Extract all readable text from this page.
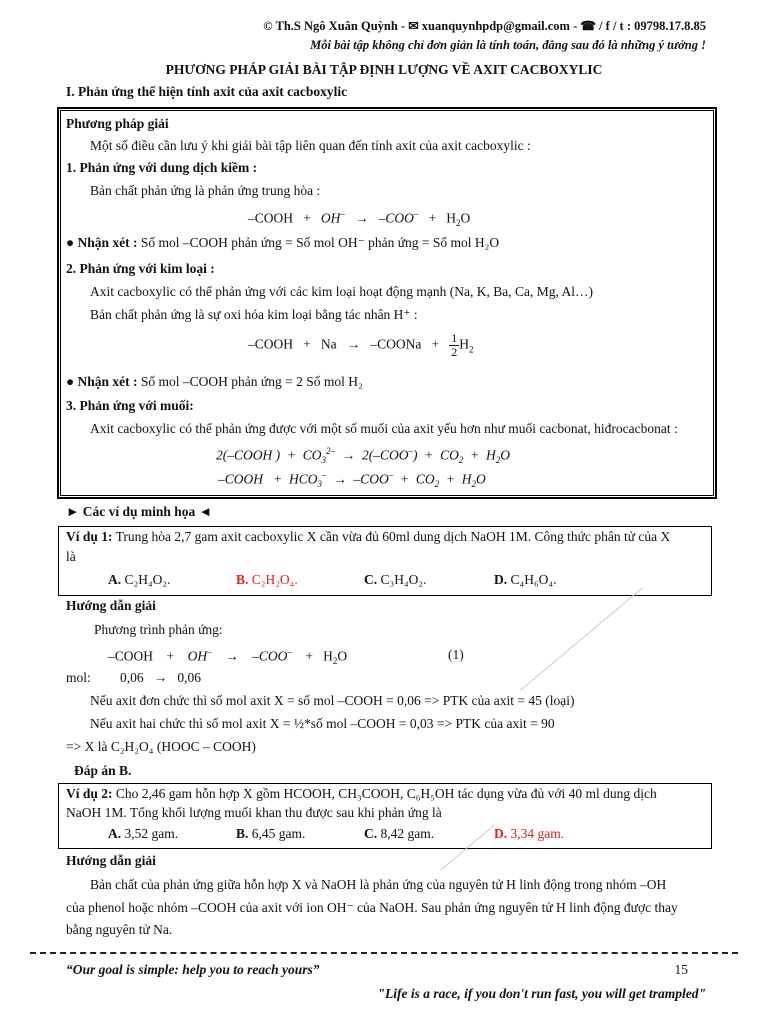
© Th.S Ngô Xuân Quỳnh - ✉ xuanquynhpdp@gmail.com - ☎ / f / t : 09798.17.8.85
Mỗi bài tập không chỉ đơn giản là tính toán, đằng sau đó là những ý tưởng !
PHƯƠNG PHÁP GIẢI BÀI TẬP ĐỊNH LƯỢNG VỀ AXIT CACBOXYLIC
I. Phản ứng thể hiện tính axit của axit cacboxylic
Phương pháp giải
Một số điều cần lưu ý khi giải bài tập liên quan đến tính axit của axit cacboxylic :
1. Phản ứng với dung dịch kiềm :
Bản chất phản ứng là phản ứng trung hòa :
–COOH   +   $OH^- \to -COO^- + H_2O$
● Nhận xét : Số mol –COOH phản ứng = Số mol OH⁻ phản ứng = Số mol H₂O
2. Phản ứng với kim loại :
Axit cacboxylic có thể phản ứng với các kim loại hoạt động mạnh (Na, K, Ba, Ca, Mg, Al…)
Bản chất phản ứng là sự oxi hóa kim loại bằng tác nhân H⁺ :
–COOH   +   Na   →   –COONa   + $\frac{1}{2} H_2$
● Nhận xét : Số mol –COOH phản ứng = 2 Số mol H₂
3. Phản ứng với muối:
Axit cacboxylic có thể phản ứng được với một số muối của axit yếu hơn như muối cacbonat, hiđrocacbonat :
2(–COOH )  +  $CO_3^{2-} \to 2(-COO^-) + CO_2 + H_2O$
–COOH   +  $HCO_3^- \to -COO^- + CO_2 + H_2O$
► Các ví dụ minh họa ◄
Ví dụ 1: Trung hòa 2,7 gam axit cacboxylic X cần vừa đủ 60ml dung dịch NaOH 1M. Công thức phân tử của X
là
A. C₂H₄O₂.	B. C₂H₂O₄.	C. C₃H₄O₂.	D. C₄H₆O₄.
Hướng dẫn giải
Phương trình phản ứng:
–COOH    +    OH–    →    –COO–    +   $H_2O$	(1)
mol: 0,06 → 0,06
Nếu axit đơn chức thì số mol axit X = số mol –COOH = 0,06 => PTK của axit = 45 (loại)
Nếu axit hai chức thì số mol axit X = ½*số mol –COOH = 0,03 => PTK của axit = 90
=> X là C₂H₂O₄ (HOOC – COOH)
Đáp án B.
Ví dụ 2: Cho 2,46 gam hỗn hợp X gồm HCOOH, CH₃COOH, C₆H₅OH tác dụng vừa đủ với 40 ml dung dịch
NaOH 1M. Tổng khối lượng muối khan thu được sau khi phản ứng là
A. 3,52 gam.	B. 6,45 gam.	C. 8,42 gam.	D. 3,34 gam.
Hướng dẫn giải
Bản chất của phản ứng giữa hỗn hợp X và NaOH là phản ứng của nguyên tử H linh động trong nhóm –OH
của phenol hoặc nhóm –COOH của axit với ion OH⁻ của NaOH. Sau phản ứng nguyên tử H linh động được thay
bằng nguyên tử Na.
“Our goal is simple: help you to reach yours”	15
"Life is a race, if you don't run fast, you will get trampled"
